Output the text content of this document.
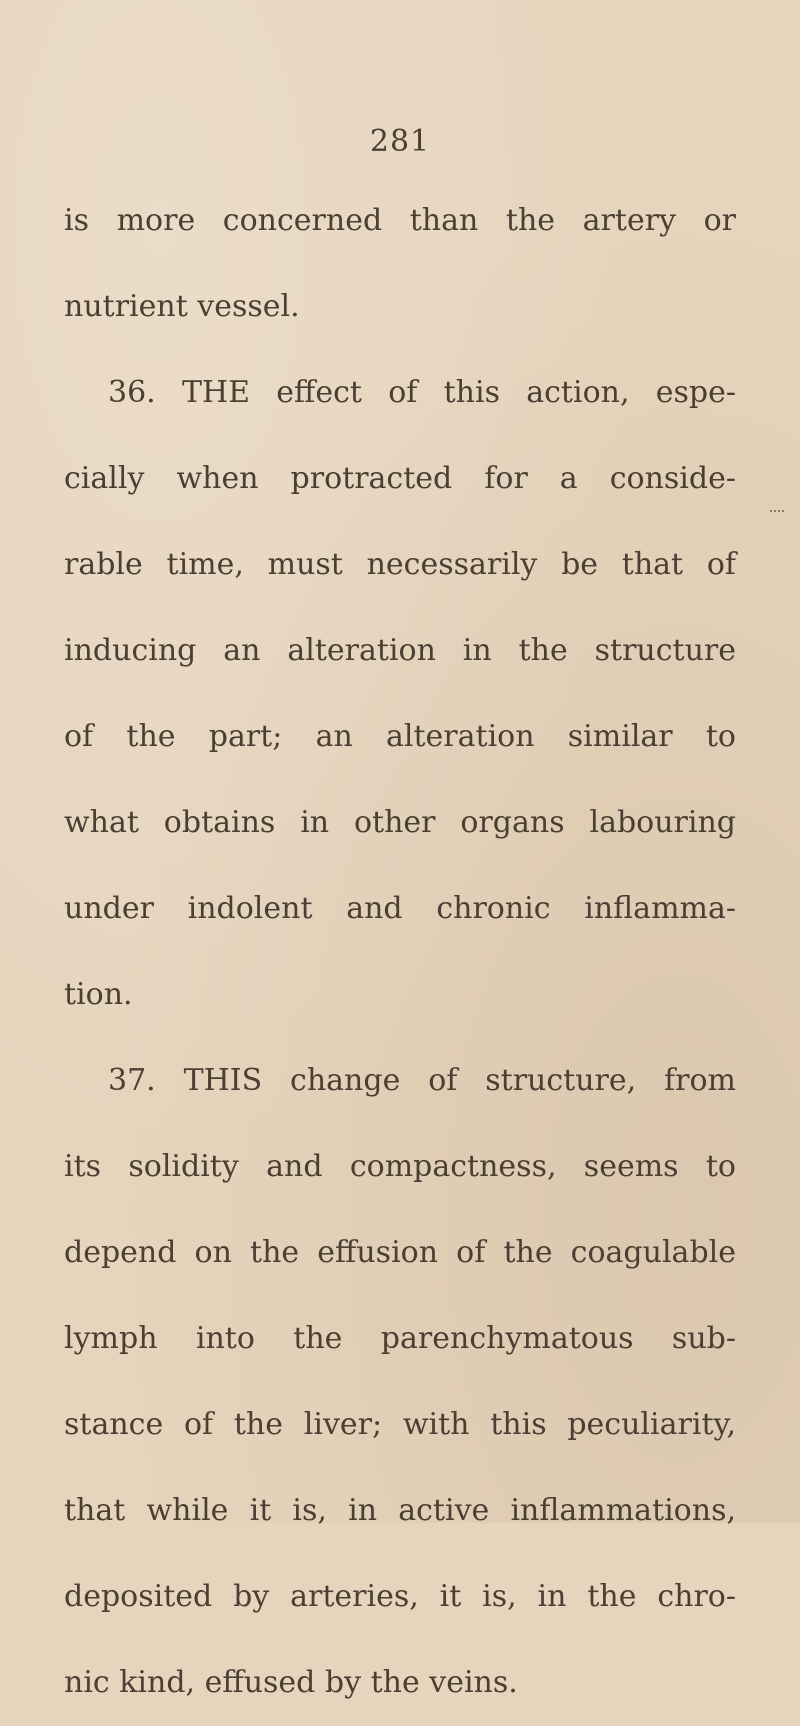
281
is more concerned than the artery or
nutrient vessel.
36. THE effect of this action, espe-
cially when protracted for a conside-
rable time, must necessarily be that of
inducing an alteration in the structure
of the part; an alteration similar to
what obtains in other organs labouring
under indolent and chronic inflamma-
tion.
37. THIS change of structure, from
its solidity and compactness, seems to
depend on the effusion of the coagulable
lymph into the parenchymatous sub-
stance of the liver; with this peculiarity,
that while it is, in active inflammations,
deposited by arteries, it is, in the chro-
nic kind, effused by the veins.
